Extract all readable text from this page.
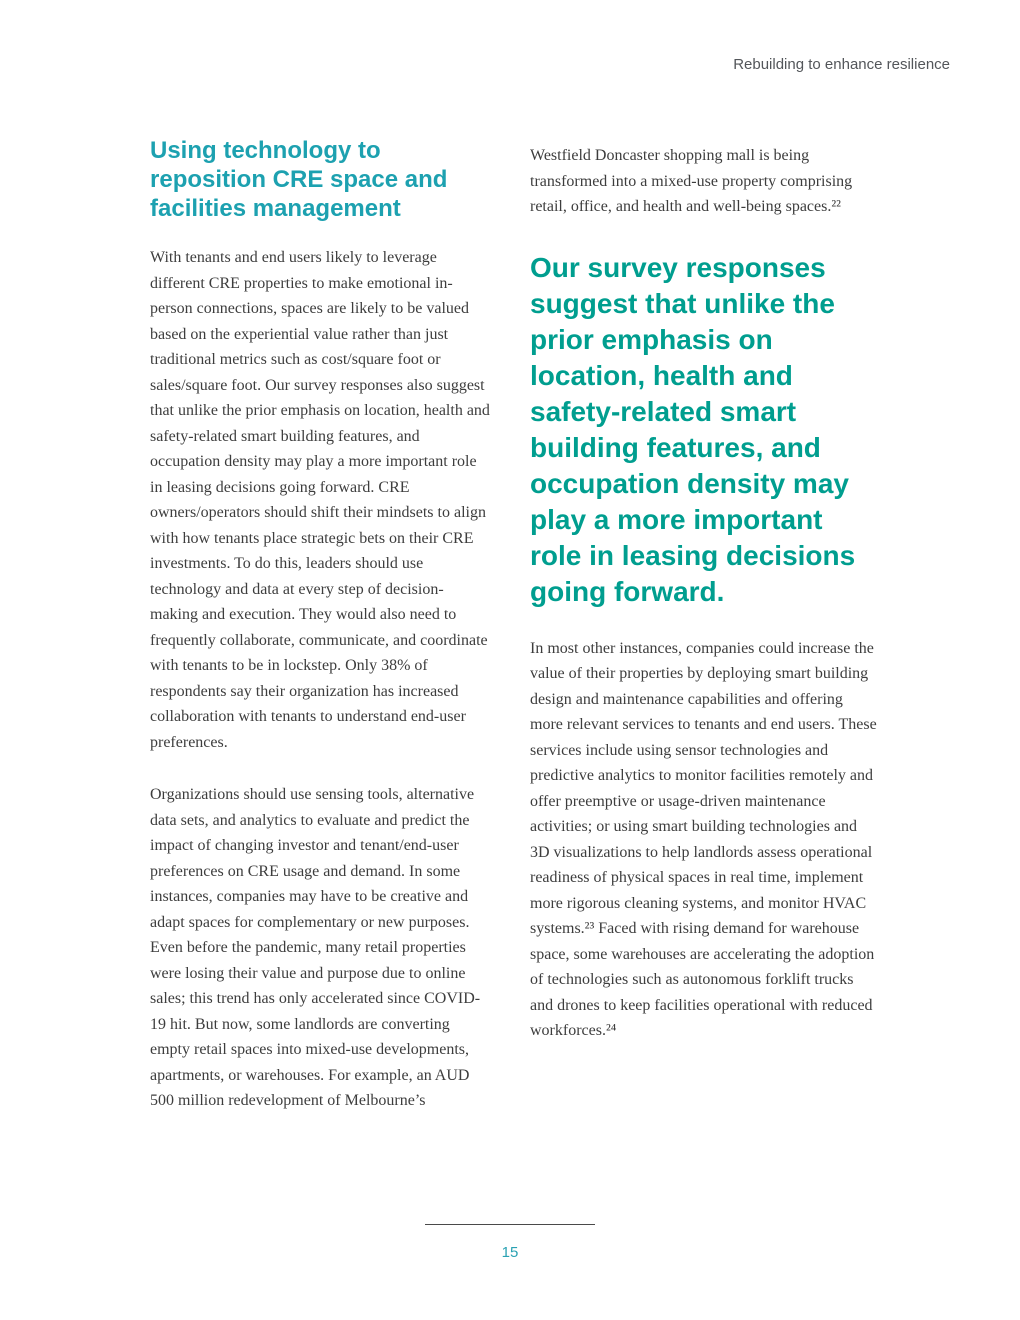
Rebuilding to enhance resilience
Using technology to reposition CRE space and facilities management

With tenants and end users likely to leverage different CRE properties to make emotional in-person connections, spaces are likely to be valued based on the experiential value rather than just traditional metrics such as cost/square foot or sales/square foot. Our survey responses also suggest that unlike the prior emphasis on location, health and safety-related smart building features, and occupation density may play a more important role in leasing decisions going forward. CRE owners/operators should shift their mindsets to align with how tenants place strategic bets on their CRE investments. To do this, leaders should use technology and data at every step of decision-making and execution. They would also need to frequently collaborate, communicate, and coordinate with tenants to be in lockstep. Only 38% of respondents say their organization has increased collaboration with tenants to understand end-user preferences.

Organizations should use sensing tools, alternative data sets, and analytics to evaluate and predict the impact of changing investor and tenant/end-user preferences on CRE usage and demand. In some instances, companies may have to be creative and adapt spaces for complementary or new purposes. Even before the pandemic, many retail properties were losing their value and purpose due to online sales; this trend has only accelerated since COVID-19 hit. But now, some landlords are converting empty retail spaces into mixed-use developments, apartments, or warehouses. For example, an AUD 500 million redevelopment of Melbourne’s

Westfield Doncaster shopping mall is being transformed into a mixed-use property comprising retail, office, and health and well-being spaces.²²

Our survey responses suggest that unlike the prior emphasis on location, health and safety-related smart building features, and occupation density may play a more important role in leasing decisions going forward.

In most other instances, companies could increase the value of their properties by deploying smart building design and maintenance capabilities and offering more relevant services to tenants and end users. These services include using sensor technologies and predictive analytics to monitor facilities remotely and offer preemptive or usage-driven maintenance activities; or using smart building technologies and 3D visualizations to help landlords assess operational readiness of physical spaces in real time, implement more rigorous cleaning systems, and monitor HVAC systems.²³ Faced with rising demand for warehouse space, some warehouses are accelerating the adoption of technologies such as autonomous forklift trucks and drones to keep facilities operational with reduced workforces.²⁴

15
